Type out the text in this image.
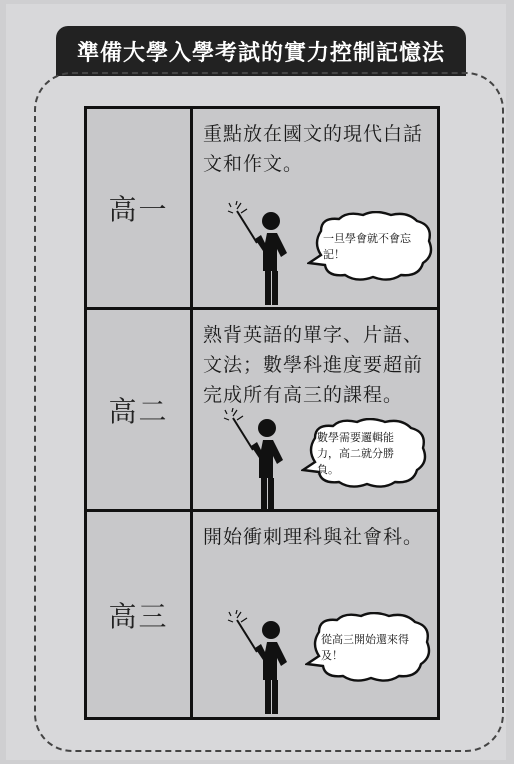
準備大學入學考試的實力控制記憶法
高一
重點放在國文的現代白話文和作文。
一旦學會就不會忘記！
高二
熟背英語的單字、片語、文法；數學科進度要超前完成所有高三的課程。
數學需要邏輯能力，高二就分勝負。
高三
開始衝刺理科與社會科。
從高三開始還來得及！
